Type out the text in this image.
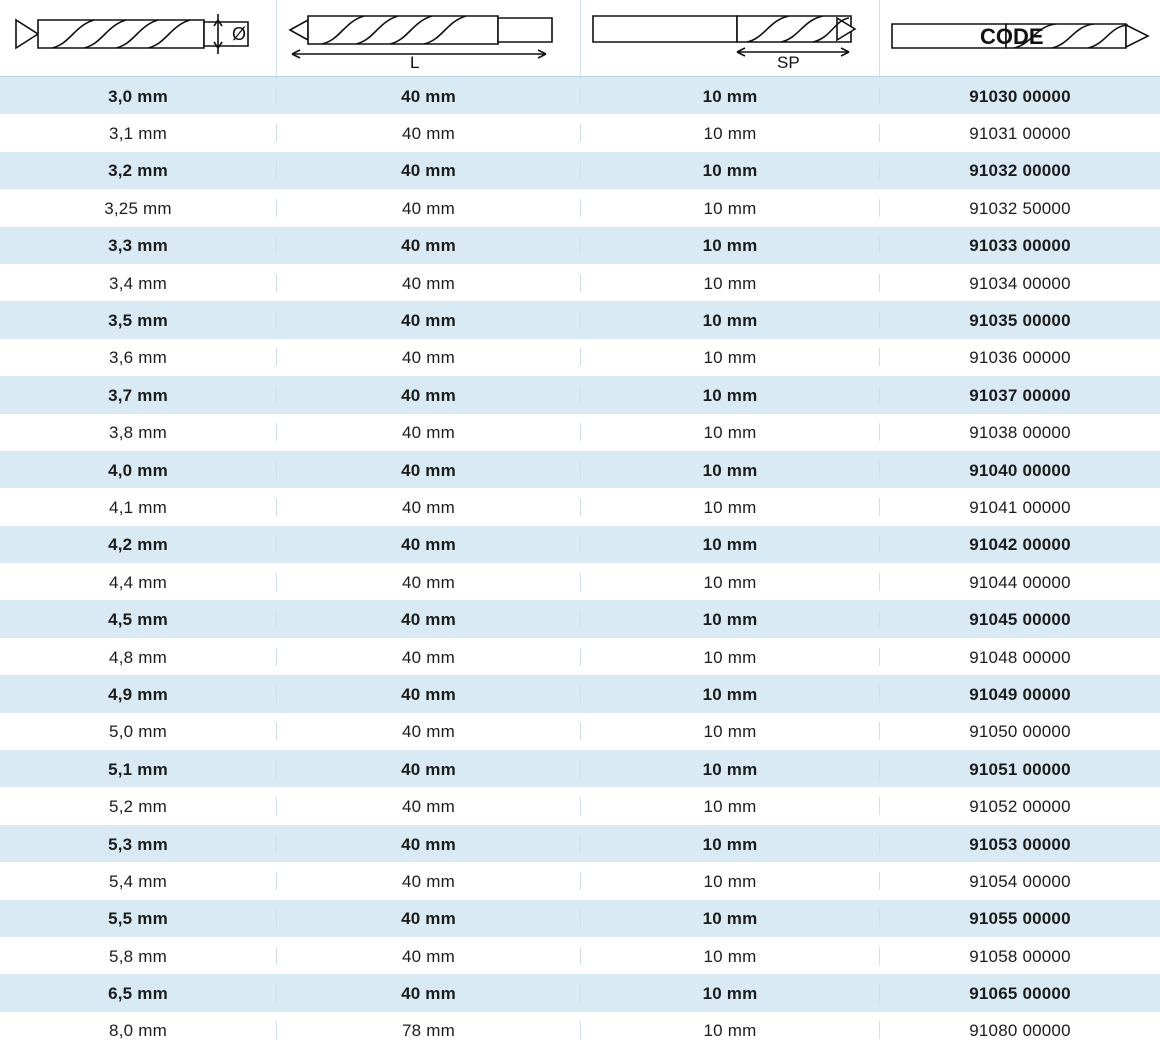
Ø
L	SP
CODE
3,0 mm	40 mm	10 mm	91030 00000
3,1 mm	40 mm	10 mm	91031 00000
3,2 mm	40 mm	10 mm	91032 00000
3,25 mm	40 mm	10 mm	91032 50000
3,3 mm	40 mm	10 mm	91033 00000
3,4 mm	40 mm	10 mm	91034 00000
3,5 mm	40 mm	10 mm	91035 00000
3,6 mm	40 mm	10 mm	91036 00000
3,7 mm	40 mm	10 mm	91037 00000
3,8 mm	40 mm	10 mm	91038 00000
4,0 mm	40 mm	10 mm	91040 00000
4,1 mm	40 mm	10 mm	91041 00000
4,2 mm	40 mm	10 mm	91042 00000
4,4 mm	40 mm	10 mm	91044 00000
4,5 mm	40 mm	10 mm	91045 00000
4,8 mm	40 mm	10 mm	91048 00000
4,9 mm	40 mm	10 mm	91049 00000
5,0 mm	40 mm	10 mm	91050 00000
5,1 mm	40 mm	10 mm	91051 00000
5,2 mm	40 mm	10 mm	91052 00000
5,3 mm	40 mm	10 mm	91053 00000
5,4 mm	40 mm	10 mm	91054 00000
5,5 mm	40 mm	10 mm	91055 00000
5,8 mm	40 mm	10 mm	91058 00000
6,5 mm	40 mm	10 mm	91065 00000
8,0 mm	78 mm	10 mm	91080 00000
